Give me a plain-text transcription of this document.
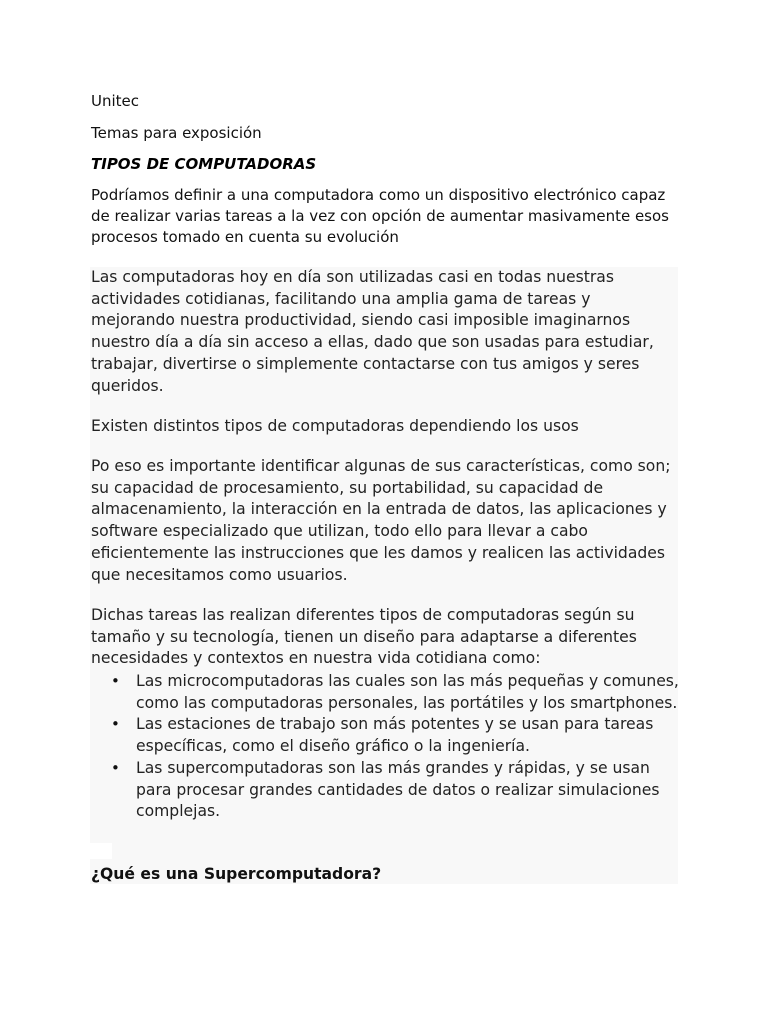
Unitec
Temas para exposición
TIPOS DE COMPUTADORAS

Podríamos definir a una computadora como un dispositivo electrónico capaz de realizar varias tareas a la vez con opción de aumentar masivamente esos procesos tomado en cuenta su evolución

Las computadoras hoy en día son utilizadas casi en todas nuestras actividades cotidianas, facilitando una amplia gama de tareas y mejorando nuestra productividad, siendo casi imposible imaginarnos nuestro día a día sin acceso a ellas, dado que son usadas para estudiar, trabajar, divertirse o simplemente contactarse con tus amigos y seres queridos.

Existen distintos tipos de computadoras dependiendo los usos

Po eso es importante identificar algunas de sus características, como son; su capacidad de procesamiento, su portabilidad, su capacidad de almacenamiento, la interacción en la entrada de datos, las aplicaciones y software especializado que utilizan, todo ello para llevar a cabo eficientemente las instrucciones que les damos y realicen las actividades que necesitamos como usuarios.

Dichas tareas las realizan diferentes tipos de computadoras según su tamaño y su tecnología, tienen un diseño para adaptarse a diferentes necesidades y contextos en nuestra vida cotidiana como:

• Las microcomputadoras las cuales son las más pequeñas y comunes, como las computadoras personales, las portátiles y los smartphones.
• Las estaciones de trabajo son más potentes y se usan para tareas específicas, como el diseño gráfico o la ingeniería.
• Las supercomputadoras son las más grandes y rápidas, y se usan para procesar grandes cantidades de datos o realizar simulaciones complejas.
¿Qué es una Supercomputadora?
